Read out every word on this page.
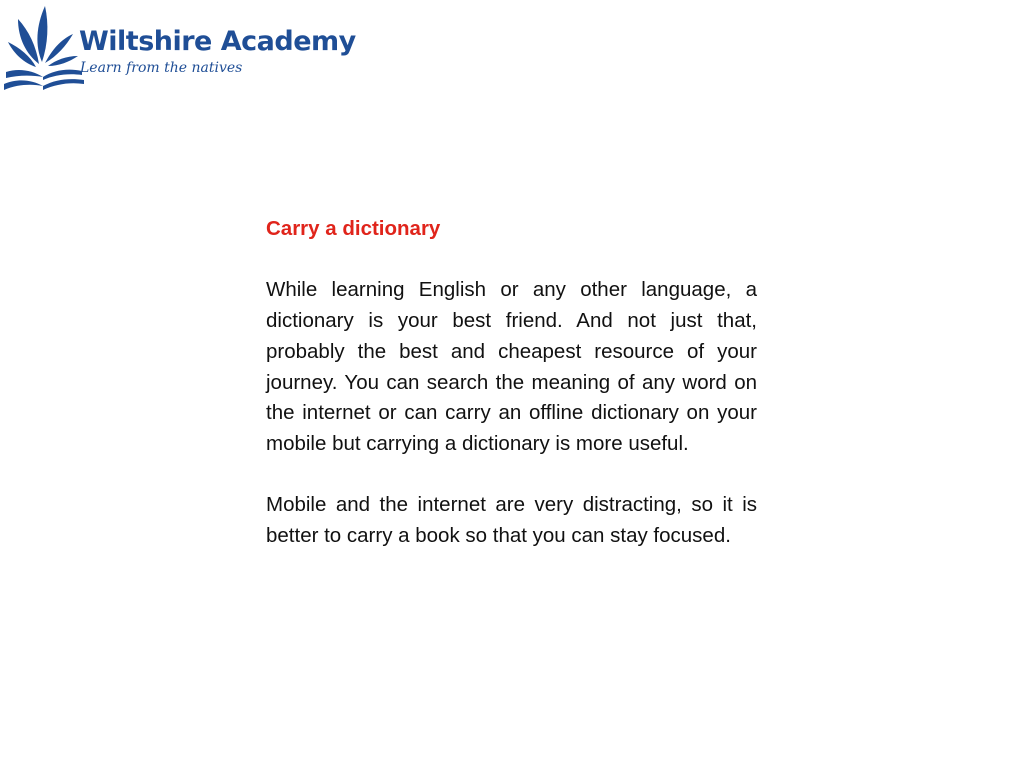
Wiltshire Academy
Learn from the natives
Carry a dictionary

While learning English or any other language, a dictionary is your best friend. And not just that, probably the best and cheapest resource of your journey. You can search the meaning of any word on the internet or can carry an offline dictionary on your mobile but carrying a dictionary is more useful.

Mobile and the internet are very distracting, so it is better to carry a book so that you can stay focused.
